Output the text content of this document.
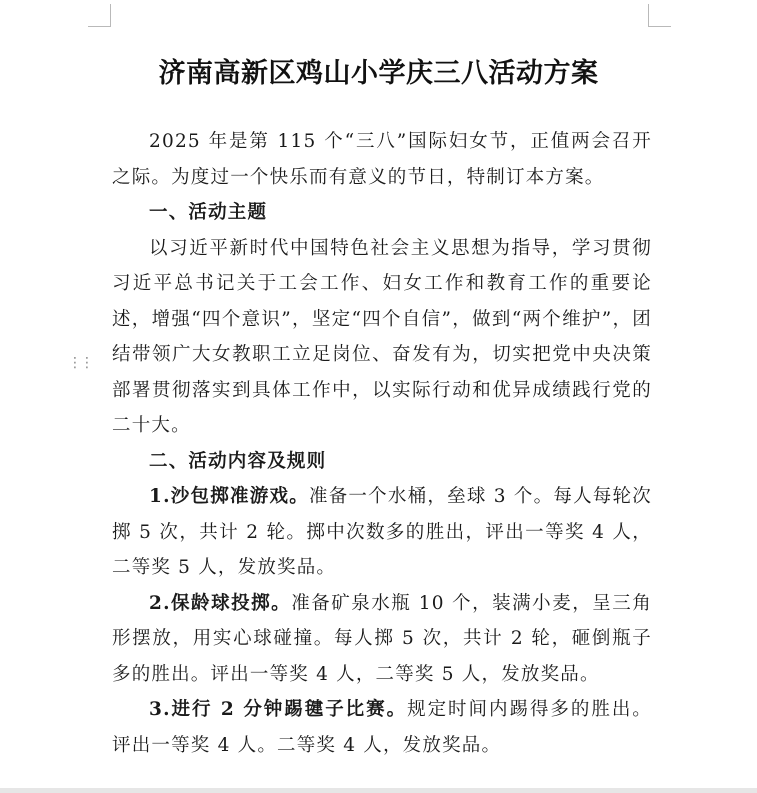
⋮⋮
济南高新区鸡山小学庆三八活动方案

2025 年是第 115 个“三八”国际妇女节，正值两会召开之际。为度过一个快乐而有意义的节日，特制订本方案。

一、活动主题

以习近平新时代中国特色社会主义思想为指导，学习贯彻习近平总书记关于工会工作、妇女工作和教育工作的重要论述，增强“四个意识”，坚定“四个自信”，做到“两个维护”，团结带领广大女教职工立足岗位、奋发有为，切实把党中央决策部署贯彻落实到具体工作中，以实际行动和优异成绩践行党的二十大。

二、活动内容及规则

1.沙包掷准游戏。准备一个水桶，垒球 3 个。每人每轮次掷 5 次，共计 2 轮。掷中次数多的胜出，评出一等奖 4 人，二等奖 5 人，发放奖品。

2.保龄球投掷。准备矿泉水瓶 10 个，装满小麦，呈三角形摆放，用实心球碰撞。每人掷 5 次，共计 2 轮，砸倒瓶子多的胜出。评出一等奖 4 人，二等奖 5 人，发放奖品。

3.进行 2 分钟踢毽子比赛。规定时间内踢得多的胜出。评出一等奖 4 人。二等奖 4 人，发放奖品。
